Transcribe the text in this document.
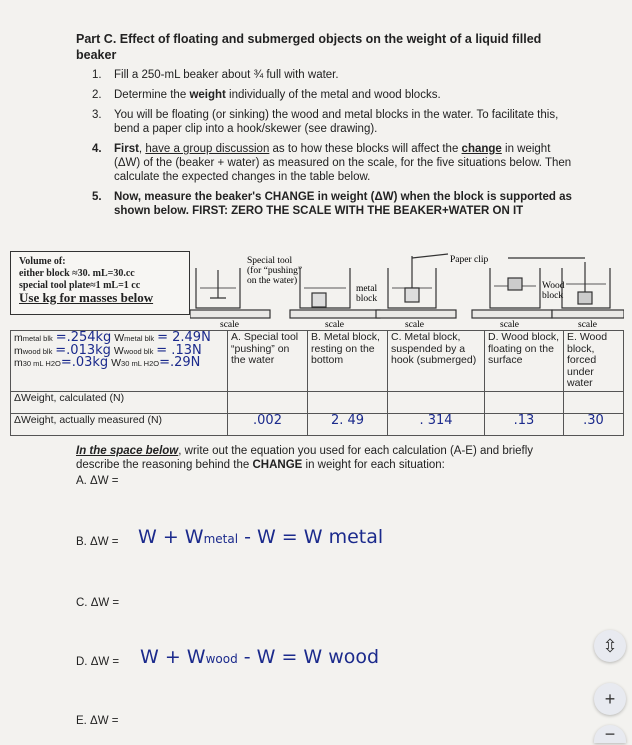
Part C. Effect of floating and submerged objects on the weight of a liquid filled beaker
1. Fill a 250-mL beaker about ¾ full with water.
2. Determine the weight individually of the metal and wood blocks.
3. You will be floating (or sinking) the wood and metal blocks in the water. To facilitate this, bend a paper clip into a hook/skewer (see drawing).
4. First, have a group discussion as to how these blocks will affect the change in weight (ΔW) of the (beaker + water) as measured on the scale, for the five situations below. Then calculate the expected changes in the table below.
5. Now, measure the beaker's CHANGE in weight (ΔW) when the block is supported as shown below. FIRST: ZERO THE SCALE WITH THE BEAKER+WATER ON IT
Volume of:
either block ≈30. mL=30.cc
special tool plate≈1 mL=1 cc
Use kg for masses below
Special tool
(for “pushing”
on the water)
Paper clip
metal
block
Wood
block
scale	scale	scale	scale	scale
mmetal blk =.254kg Wmetal blk = 2.49N
mwood blk =.013kg Wwood blk = .13N
m30 mL H2O=.03kg W30 mL H2O=.29N	A. Special tool “pushing” on the water	B. Metal block, resting on the bottom	C. Metal block, suspended by a hook (submerged)	D. Wood block, floating on the surface	E. Wood block, forced under water
ΔWeight, calculated (N)					
ΔWeight, actually measured (N)	.002	2. 49	. 314	.13	.30
In the space below, write out the equation you used for each calculation (A-E) and briefly describe the reasoning behind the CHANGE in weight for each situation:
A. ΔW =
B. ΔW = W + Wmetal - W = W metal
C. ΔW =
D. ΔW = W + Wwood - W = W wood
E. ΔW =
⇳
+
−
